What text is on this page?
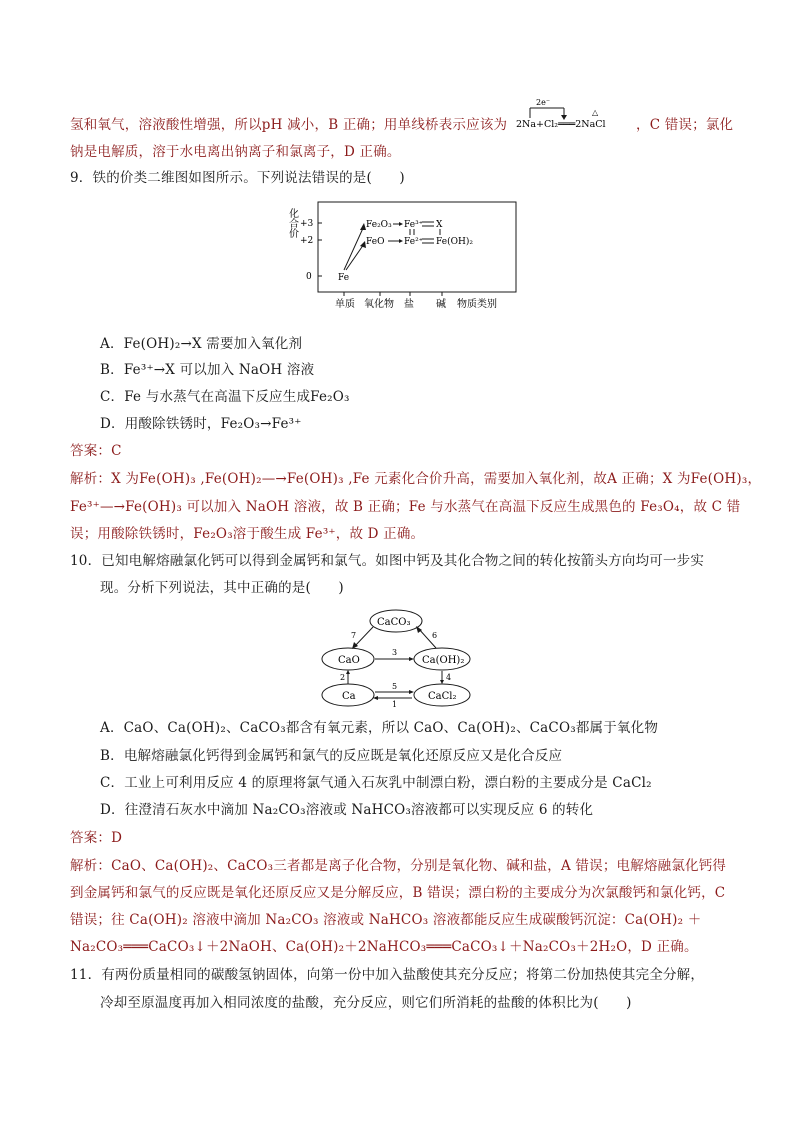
氢和氧气，溶液酸性增强，所以pH 减小，B 正确；用单线桥表示应该为
2e⁻
△
2Na+Cl₂═══2NaCl ，C 错误；氯化
钠是电解质，溶于水电离出钠离子和氯离子，D 正确。
9．铁的价类二维图如图所示。下列说法错误的是(　　)
化合价 +3
+2
0
单质 氧化物 盐 碱 物质类别
Fe₂O₃ Fe³⁺ X
FeO Fe²⁺ Fe(OH)₂
Fe
A．Fe(OH)₂→X 需要加入氧化剂
B．Fe³⁺→X 可以加入 NaOH 溶液
C．Fe 与水蒸气在高温下反应生成Fe₂O₃
D．用酸除铁锈时，Fe₂O₃→Fe³⁺
答案：C
解析：X 为Fe(OH)₃ ,Fe(OH)₂—→Fe(OH)₃ ,Fe 元素化合价升高，需要加入氧化剂，故A 正确；X 为Fe(OH)₃，
Fe³⁺—→Fe(OH)₃ 可以加入 NaOH 溶液，故 B 正确；Fe 与水蒸气在高温下反应生成黑色的 Fe₃O₄，故 C 错
误；用酸除铁锈时，Fe₂O₃溶于酸生成 Fe³⁺，故 D 正确。
10．已知电解熔融氯化钙可以得到金属钙和氯气。如图中钙及其化合物之间的转化按箭头方向均可一步实
现。分析下列说法，其中正确的是(　　)
CaCO₃
CaO	Ca(OH)₂
Ca	CaCl₂
7	6
3
2	4
5
1
A．CaO、Ca(OH)₂、CaCO₃都含有氧元素，所以 CaO、Ca(OH)₂、CaCO₃都属于氧化物
B．电解熔融氯化钙得到金属钙和氯气的反应既是氧化还原反应又是化合反应
C．工业上可利用反应 4 的原理将氯气通入石灰乳中制漂白粉，漂白粉的主要成分是 CaCl₂
D．往澄清石灰水中滴加 Na₂CO₃溶液或 NaHCO₃溶液都可以实现反应 6 的转化
答案：D
解析：CaO、Ca(OH)₂、CaCO₃三者都是离子化合物，分别是氧化物、碱和盐，A 错误；电解熔融氯化钙得
到金属钙和氯气的反应既是氧化还原反应又是分解反应，B 错误；漂白粉的主要成分为次氯酸钙和氯化钙，C
错误；往 Ca(OH)₂ 溶液中滴加 Na₂CO₃ 溶液或 NaHCO₃ 溶液都能反应生成碳酸钙沉淀：Ca(OH)₂ ＋
Na₂CO₃═══CaCO₃↓＋2NaOH、Ca(OH)₂＋2NaHCO₃═══CaCO₃↓＋Na₂CO₃＋2H₂O，D 正确。
11．有两份质量相同的碳酸氢钠固体，向第一份中加入盐酸使其充分反应；将第二份加热使其完全分解，
冷却至原温度再加入相同浓度的盐酸，充分反应，则它们所消耗的盐酸的体积比为(　　)
